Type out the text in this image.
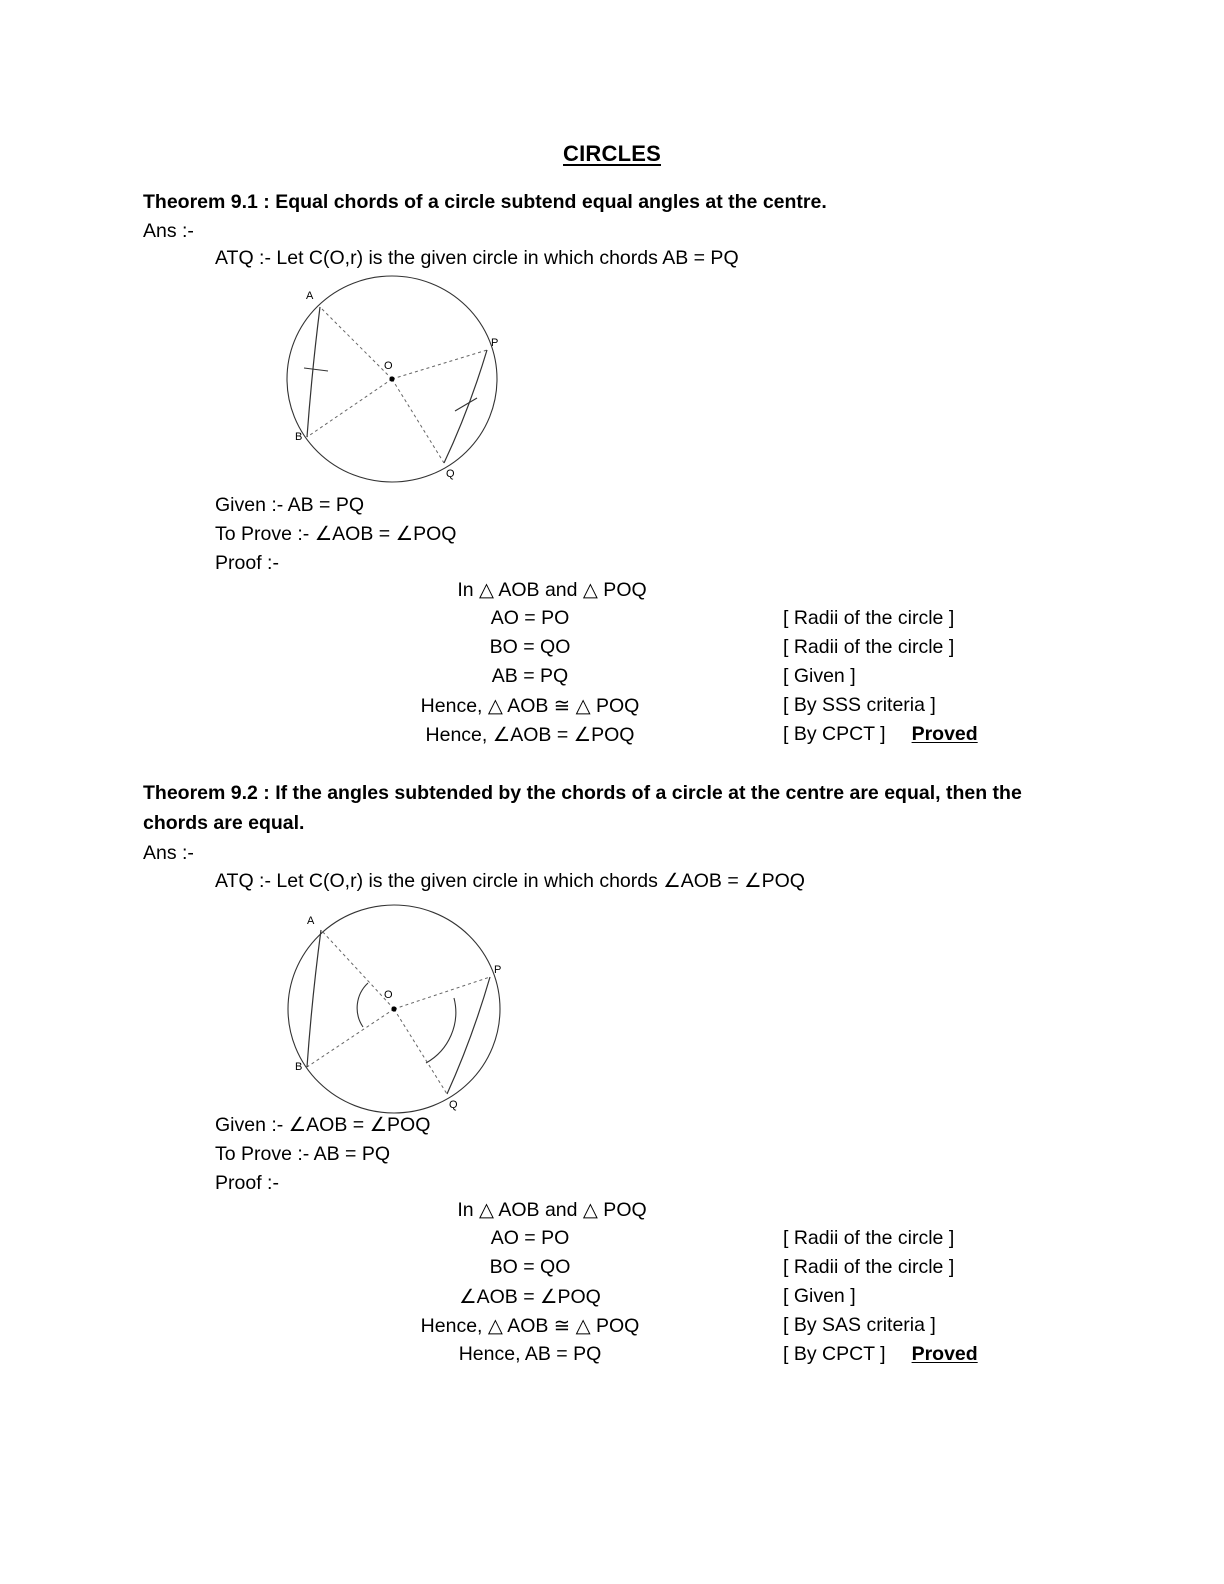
CIRCLES
Theorem 9.1 : Equal chords of a circle subtend equal angles at the centre.
Ans :-
ATQ :- Let C(O,r) is the given circle in which chords AB = PQ
A
P
B
Q
O
Given :- AB = PQ
To Prove :- ∠AOB = ∠POQ
Proof :-
In △ AOB and △ POQ
AO = PO	[ Radii of the circle ]
BO = QO	[ Radii of the circle ]
AB = PQ	[ Given ]
Hence, △ AOB ≅ △ POQ	[ By SSS criteria ]
Hence, ∠AOB = ∠POQ	[ By CPCT ] Proved
Theorem 9.2 : If the angles subtended by the chords of a circle at the centre are equal, then the chords are equal.
Ans :-
ATQ :- Let C(O,r) is the given circle in which chords ∠AOB = ∠POQ
A
P
B
Q
O
Given :- ∠AOB = ∠POQ
To Prove :- AB = PQ
Proof :-
In △ AOB and △ POQ
AO = PO	[ Radii of the circle ]
BO = QO	[ Radii of the circle ]
∠AOB = ∠POQ	[ Given ]
Hence, △ AOB ≅ △ POQ	[ By SAS criteria ]
Hence, AB = PQ	[ By CPCT ] Proved
